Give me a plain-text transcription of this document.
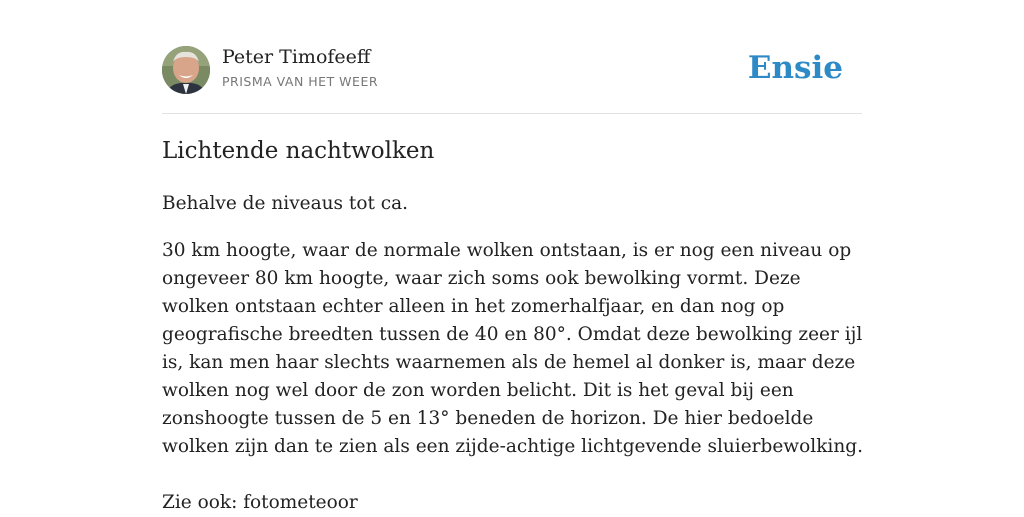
Peter Timofeeff
PRISMA VAN HET WEER	Ensie
Lichtende nachtwolken

Behalve de niveaus tot ca.

30 km hoogte, waar de normale wolken ontstaan, is er nog een niveau op ongeveer 80 km hoogte, waar zich soms ook bewolking vormt. Deze wolken ontstaan echter alleen in het zomerhalfjaar, en dan nog op geografische breedten tussen de 40 en 80°. Omdat deze bewolking zeer ijl is, kan men haar slechts waarnemen als de hemel al donker is, maar deze wolken nog wel door de zon worden belicht. Dit is het geval bij een zonshoogte tussen de 5 en 13° beneden de horizon. De hier bedoelde wolken zijn dan te zien als een zijde-achtige lichtgevende sluierbewolking.

Zie ook: fotometeoor
